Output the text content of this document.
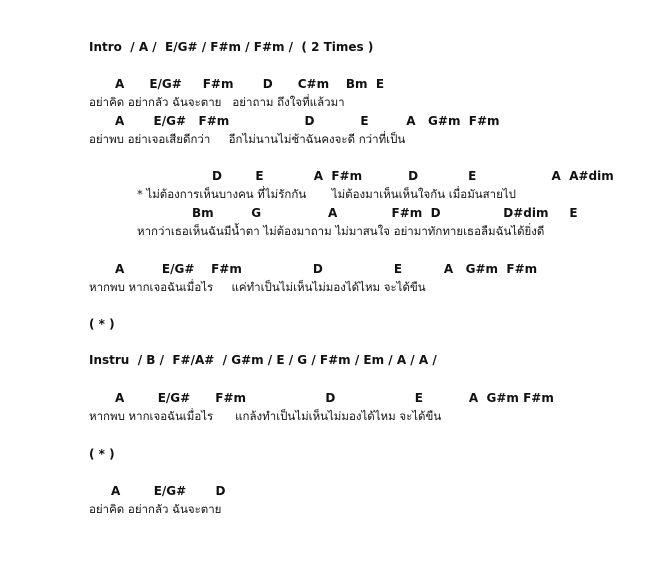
Intro  / A /  E/G# / F#m / F#m /  ( 2 Times )
A      E/G#     F#m       D      C#m    Bm  E
อย่าคิด อย่ากลัว ฉันจะตาย   อย่าถาม ถึงใจที่แล้วมา
A       E/G#   F#m                  D           E         A   G#m  F#m
อย่าพบ อย่าเจอเสียดีกว่า     อีกไม่นานไม่ช้าฉันคงจะดี กว่าที่เป็น
D        E            A  F#m           D            E                  A  A#dim
* ไม่ต้องการเห็นบางคน ที่ไม่รักกัน       ไม่ต้องมาเห็นเห็นใจกัน เมื่อมันสายไป
Bm         G                A             F#m  D               D#dim     E
หากว่าเธอเห็นฉันมีน้ำตา ไม่ต้องมาถาม ไม่มาสนใจ อย่ามาทักทายเธอลืมฉันได้ยิ่งดี
A         E/G#    F#m                 D                 E          A   G#m  F#m
หากพบ หากเจอฉันเมื่อไร     แค่ทำเป็นไม่เห็นไม่มองได้ไหม จะได้ขืน
( * )
Instru  / B /  F#/A#  / G#m / E / G / F#m / Em / A / A /
A        E/G#      F#m                   D                   E           A  G#m F#m
หากพบ หากเจอฉันเมื่อไร      แกล้งทำเป็นไม่เห็นไม่มองได้ไหม จะได้ขืน
( * )
A        E/G#       D
อย่าคิด อย่ากลัว ฉันจะตาย
